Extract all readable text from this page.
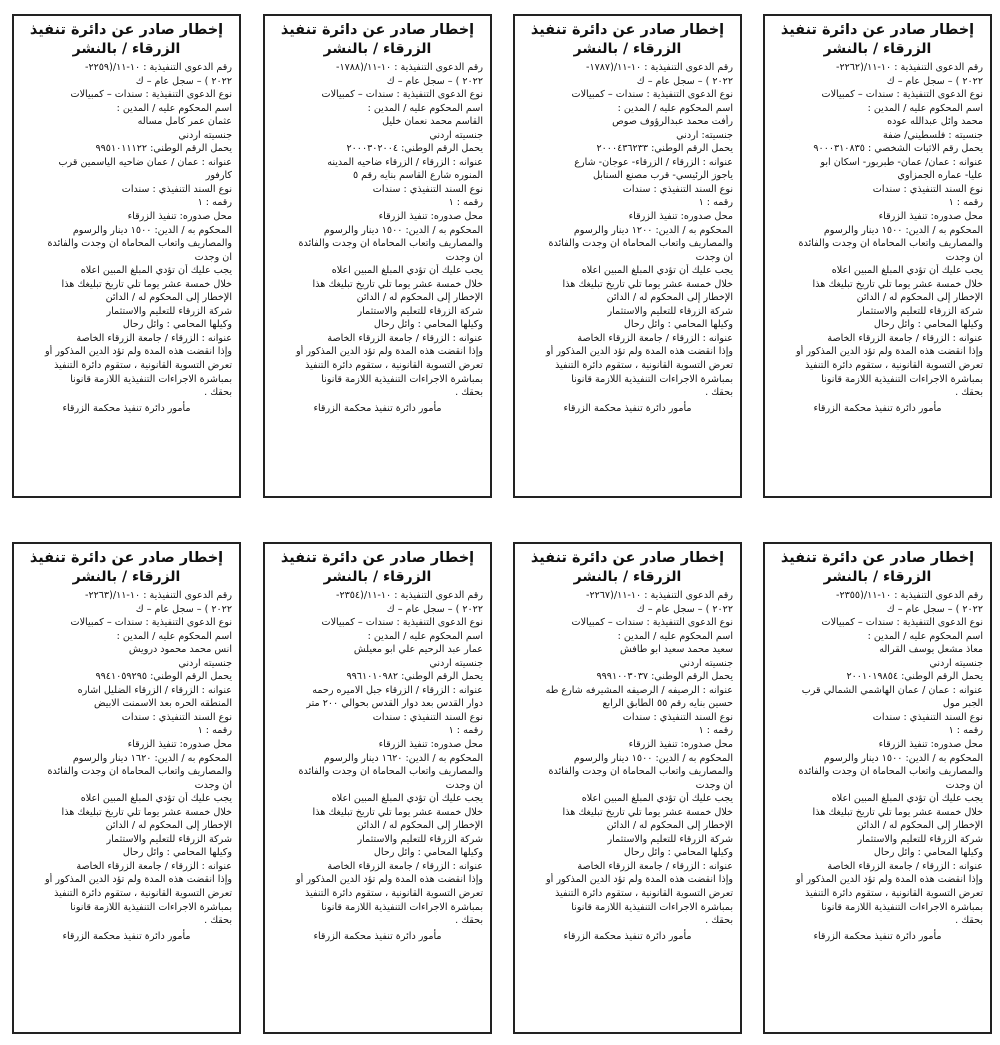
إخطار صادر عن دائرة تنفيذ
الزرقاء / بالنشر
رقم الدعوى التنفيذية : ١٠-١١/(٢٢٦٢-
٢٠٢٢ ) – سجل عام – ك
نوع الدعوى التنفيذية : سندات – كمبيالات
اسم المحكوم عليه / المدين :
محمد وائل عبدالله عوده
جنسيته : فلسطيني/ ضفة
يحمل رقم الاثبات الشخصي : ٩٠٠٠٣١٠٨٣٥
عنوانه : عمان/ عمان- طبربور- اسكان ابو
عليا- عماره الجمزاوي
نوع السند التنفيذي : سندات
رقمه : ١
محل صدوره: تنفيذ الزرقاء
المحكوم به / الدين: ١٥٠٠ دينار والرسوم
والمصاريف واتعاب المحاماة ان وجدت والفائدة
ان وجدت
يجب عليك أن تؤدي المبلغ المبين اعلاه
خلال خمسة عشر يوما تلي تاريخ تبليغك هذا
الإخطار إلى المحكوم له / الدائن
شركة الزرقاء للتعليم والاستثمار
وكيلها المحامي : وائل رحال
عنوانه : الزرقاء / جامعة الزرقاء الخاصة
وإذا انقضت هذه المدة ولم تؤد الدين المذكور أو
تعرض التسوية القانونية ، ستقوم دائرة التنفيذ
بمباشرة الاجراءات التنفيذية اللازمة قانونا
بحقك .
مأمور دائرة تنفيذ محكمة الزرقاء
إخطار صادر عن دائرة تنفيذ
الزرقاء / بالنشر
رقم الدعوى التنفيذية : ١٠-١١/(١٧٨٧-
٢٠٢٢ ) – سجل عام – ك
نوع الدعوى التنفيذية : سندات – كمبيالات
اسم المحكوم عليه / المدين :
رأفت محمد عبدالرؤوف صوص
جنسيته: اردني
يحمل الرقم الوطني: ٢٠٠٠٤٣٦٢٣٣
عنوانه : الزرقاء / الزرقاء- عوجان- شارع
ياجوز الرئيسي- قرب مصنع السنابل
نوع السند التنفيذي : سندات
رقمه : ١
محل صدوره: تنفيذ الزرقاء
المحكوم به / الدين: ١٢٠٠ دينار والرسوم
والمصاريف واتعاب المحاماة ان وجدت والفائدة
ان وجدت
يجب عليك أن تؤدي المبلغ المبين اعلاه
خلال خمسة عشر يوما تلي تاريخ تبليغك هذا
الإخطار إلى المحكوم له / الدائن
شركة الزرقاء للتعليم والاستثمار
وكيلها المحامي : وائل رحال
عنوانه : الزرقاء / جامعة الزرقاء الخاصة
وإذا انقضت هذه المدة ولم تؤد الدين المذكور أو
تعرض التسوية القانونية ، ستقوم دائرة التنفيذ
بمباشرة الاجراءات التنفيذية اللازمة قانونا
بحقك .
مأمور دائرة تنفيذ محكمة الزرقاء
إخطار صادر عن دائرة تنفيذ
الزرقاء / بالنشر
رقم الدعوى التنفيذية : ١٠-١١/(١٧٨٨-
٢٠٢٢ ) – سجل عام – ك
نوع الدعوى التنفيذية : سندات – كمبيالات
اسم المحكوم عليه / المدين :
القاسم محمد نعمان خليل
جنسيته اردني
يحمل الرقم الوطني: ٢٠٠٠٣٠٢٠٠٤
عنوانه : الزرقاء / الزرقاء ضاحيه المدينه
المنوره شارع القاسم بنايه رقم ٥
نوع السند التنفيذي : سندات
رقمه : ١
محل صدوره: تنفيذ الزرقاء
المحكوم به / الدين: ١٥٠٠ دينار والرسوم
والمصاريف واتعاب المحاماة ان وجدت والفائدة
ان وجدت
يجب عليك أن تؤدي المبلغ المبين اعلاه
خلال خمسة عشر يوما تلي تاريخ تبليغك هذا
الإخطار إلى المحكوم له / الدائن
شركة الزرقاء للتعليم والاستثمار
وكيلها المحامي : وائل رحال
عنوانه : الزرقاء / جامعة الزرقاء الخاصة
وإذا انقضت هذه المدة ولم تؤد الدين المذكور أو
تعرض التسوية القانونية ، ستقوم دائرة التنفيذ
بمباشرة الاجراءات التنفيذية اللازمة قانونا
بحقك .
مأمور دائرة تنفيذ محكمة الزرقاء
إخطار صادر عن دائرة تنفيذ
الزرقاء / بالنشر
رقم الدعوى التنفيذية : ١٠-١١/(٢٢٥٩-
٢٠٢٢ ) – سجل عام – ك
نوع الدعوى التنفيذية : سندات – كمبيالات
اسم المحكوم عليه / المدين :
عثمان عمر كامل مساله
جنسيته اردني
يحمل الرقم الوطني: ٩٩٥١٠١١١٢٢
عنوانه : عمان / عمان ضاحيه الياسمين قرب
كارفور
نوع السند التنفيذي : سندات
رقمه : ١
محل صدوره: تنفيذ الزرقاء
المحكوم به / الدين: ١٥٠٠ دينار والرسوم
والمصاريف واتعاب المحاماة ان وجدت والفائدة
ان وجدت
يجب عليك أن تؤدي المبلغ المبين اعلاه
خلال خمسة عشر يوما تلي تاريخ تبليغك هذا
الإخطار إلى المحكوم له / الدائن
شركة الزرقاء للتعليم والاستثمار
وكيلها المحامي : وائل رحال
عنوانه : الزرقاء / جامعة الزرقاء الخاصة
وإذا انقضت هذه المدة ولم تؤد الدين المذكور أو
تعرض التسوية القانونية ، ستقوم دائرة التنفيذ
بمباشرة الاجراءات التنفيذية اللازمة قانونا
بحقك .
مأمور دائرة تنفيذ محكمة الزرقاء
إخطار صادر عن دائرة تنفيذ
الزرقاء / بالنشر
رقم الدعوى التنفيذية : ١٠-١١/(٢٣٥٥-
٢٠٢٢ ) – سجل عام – ك
نوع الدعوى التنفيذية : سندات – كمبيالات
اسم المحكوم عليه / المدين :
معاذ مشعل يوسف القراله
جنسيته اردني
يحمل الرقم الوطني: ٢٠٠١٠١٩٨٥٤
عنوانه : عمان / عمان الهاشمي الشمالي قرب
الجبر مول
نوع السند التنفيذي : سندات
رقمه : ١
محل صدوره: تنفيذ الزرقاء
المحكوم به / الدين: ١٥٠٠ دينار والرسوم
والمصاريف واتعاب المحاماة ان وجدت والفائدة
ان وجدت
يجب عليك أن تؤدي المبلغ المبين اعلاه
خلال خمسة عشر يوما تلي تاريخ تبليغك هذا
الإخطار إلى المحكوم له / الدائن
شركة الزرقاء للتعليم والاستثمار
وكيلها المحامي : وائل رحال
عنوانه : الزرقاء / جامعة الزرقاء الخاصة
وإذا انقضت هذه المدة ولم تؤد الدين المذكور أو
تعرض التسوية القانونية ، ستقوم دائرة التنفيذ
بمباشرة الاجراءات التنفيذية اللازمة قانونا
بحقك .
مأمور دائرة تنفيذ محكمة الزرقاء
إخطار صادر عن دائرة تنفيذ
الزرقاء / بالنشر
رقم الدعوى التنفيذية : ١٠-١١/(٢٢٦٧-
٢٠٢٢ ) – سجل عام – ك
نوع الدعوى التنفيذية : سندات – كمبيالات
اسم المحكوم عليه / المدين :
سعيد محمد سعيد ابو طافش
جنسيته اردني
يحمل الرقم الوطني: ٩٩٩١٠٠٣٠٣٧
عنوانه : الرصيفه / الرصيفه المشيرفه شارع طه
حسين بنايه رقم ٥٥ الطابق الرابع
نوع السند التنفيذي : سندات
رقمه : ١
محل صدوره: تنفيذ الزرقاء
المحكوم به / الدين: ١٥٠٠ دينار والرسوم
والمصاريف واتعاب المحاماة ان وجدت والفائدة
ان وجدت
يجب عليك أن تؤدي المبلغ المبين اعلاه
خلال خمسة عشر يوما تلي تاريخ تبليغك هذا
الإخطار إلى المحكوم له / الدائن
شركة الزرقاء للتعليم والاستثمار
وكيلها المحامي : وائل رحال
عنوانه : الزرقاء / جامعة الزرقاء الخاصة
وإذا انقضت هذه المدة ولم تؤد الدين المذكور أو
تعرض التسوية القانونية ، ستقوم دائرة التنفيذ
بمباشرة الاجراءات التنفيذية اللازمة قانونا
بحقك .
مأمور دائرة تنفيذ محكمة الزرقاء
إخطار صادر عن دائرة تنفيذ
الزرقاء / بالنشر
رقم الدعوى التنفيذية : ١٠-١١/(٢٣٥٤-
٢٠٢٢ ) – سجل عام – ك
نوع الدعوى التنفيذية : سندات – كمبيالات
اسم المحكوم عليه / المدين :
عمار عبد الرحيم علي ابو معيلش
جنسيته اردني
يحمل الرقم الوطني: ٩٩٦١٠١٠٩٨٢
عنوانه : الزرقاء / الزرقاء جبل الاميره رحمه
دوار القدس بعد دوار القدس بحوالي ٢٠٠ متر
نوع السند التنفيذي : سندات
رقمه : ١
محل صدوره: تنفيذ الزرقاء
المحكوم به / الدين: ١٦٢٠ دينار والرسوم
والمصاريف واتعاب المحاماة ان وجدت والفائدة
ان وجدت
يجب عليك أن تؤدي المبلغ المبين اعلاه
خلال خمسة عشر يوما تلي تاريخ تبليغك هذا
الإخطار إلى المحكوم له / الدائن
شركة الزرقاء للتعليم والاستثمار
وكيلها المحامي : وائل رحال
عنوانه : الزرقاء / جامعة الزرقاء الخاصة
وإذا انقضت هذه المدة ولم تؤد الدين المذكور أو
تعرض التسوية القانونية ، ستقوم دائرة التنفيذ
بمباشرة الاجراءات التنفيذية اللازمة قانونا
بحقك .
مأمور دائرة تنفيذ محكمة الزرقاء
إخطار صادر عن دائرة تنفيذ
الزرقاء / بالنشر
رقم الدعوى التنفيذية : ١٠-١١/(٢٢٦٣-
٢٠٢٢ ) – سجل عام – ك
نوع الدعوى التنفيذية : سندات – كمبيالات
اسم المحكوم عليه / المدين :
انس محمد محمود درويش
جنسيته اردني
يحمل الرقم الوطني: ٩٩٤١٠٥٩٢٩٥
عنوانه : الزرقاء / الزرقاء الضليل اشاره
المنطقه الحره بعد الاسمنت الابيض
نوع السند التنفيذي : سندات
رقمه : ١
محل صدوره: تنفيذ الزرقاء
المحكوم به / الدين: ١٦٢٠ دينار والرسوم
والمصاريف واتعاب المحاماة ان وجدت والفائدة
ان وجدت
يجب عليك أن تؤدي المبلغ المبين اعلاه
خلال خمسة عشر يوما تلي تاريخ تبليغك هذا
الإخطار إلى المحكوم له / الدائن
شركة الزرقاء للتعليم والاستثمار
وكيلها المحامي : وائل رحال
عنوانه : الزرقاء / جامعة الزرقاء الخاصة
وإذا انقضت هذه المدة ولم تؤد الدين المذكور أو
تعرض التسوية القانونية ، ستقوم دائرة التنفيذ
بمباشرة الاجراءات التنفيذية اللازمة قانونا
بحقك .
مأمور دائرة تنفيذ محكمة الزرقاء
